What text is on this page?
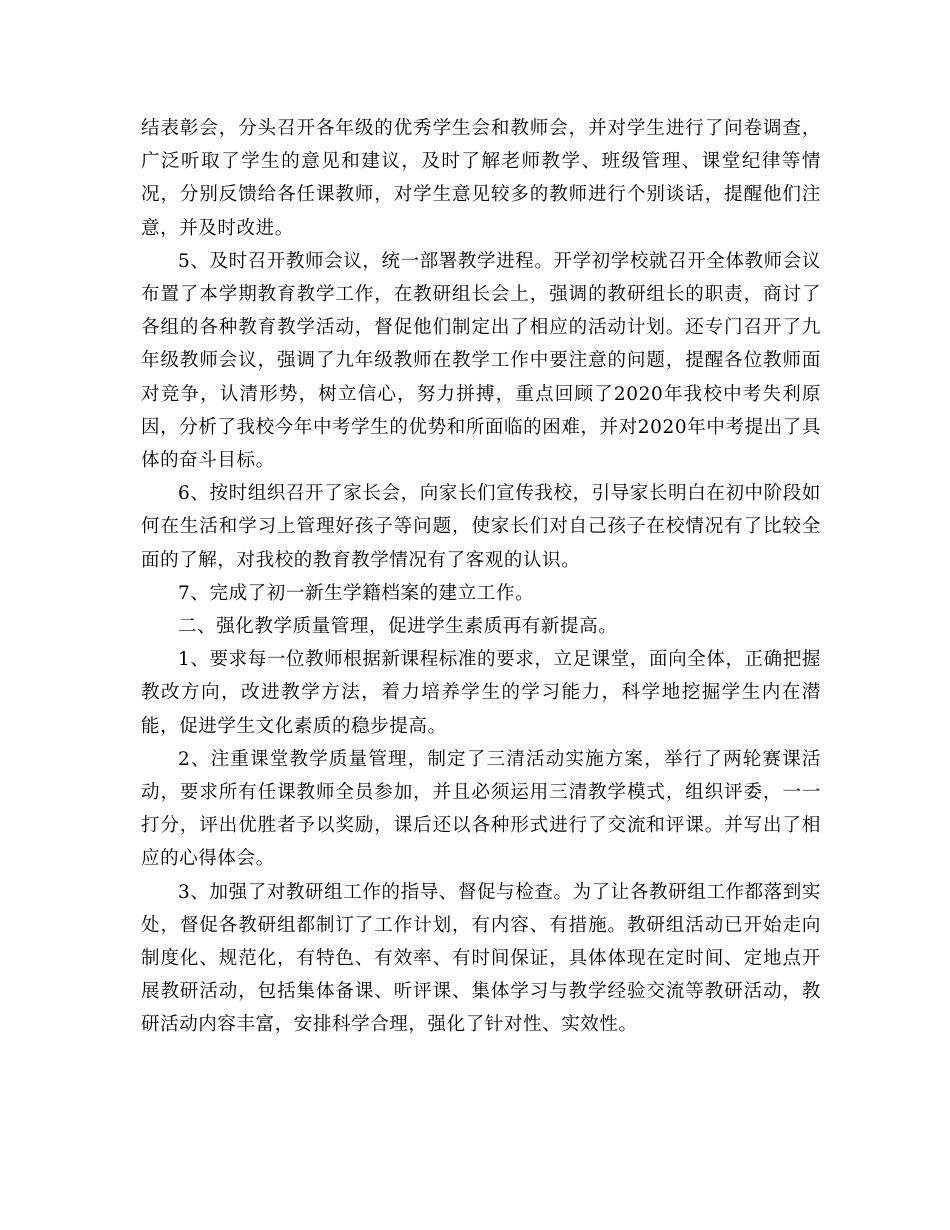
结表彰会，分头召开各年级的优秀学生会和教师会，并对学生进行了问卷调查，广泛听取了学生的意见和建议，及时了解老师教学、班级管理、课堂纪律等情况，分别反馈给各任课教师，对学生意见较多的教师进行个别谈话，提醒他们注意，并及时改进。

5、及时召开教师会议，统一部署教学进程。开学初学校就召开全体教师会议布置了本学期教育教学工作，在教研组长会上，强调的教研组长的职责，商讨了各组的各种教育教学活动，督促他们制定出了相应的活动计划。还专门召开了九年级教师会议，强调了九年级教师在教学工作中要注意的问题，提醒各位教师面对竞争，认清形势，树立信心，努力拼搏，重点回顾了2020年我校中考失利原因，分析了我校今年中考学生的优势和所面临的困难，并对2020年中考提出了具体的奋斗目标。

6、按时组织召开了家长会，向家长们宣传我校，引导家长明白在初中阶段如何在生活和学习上管理好孩子等问题，使家长们对自己孩子在校情况有了比较全面的了解，对我校的教育教学情况有了客观的认识。

7、完成了初一新生学籍档案的建立工作。

二、强化教学质量管理，促进学生素质再有新提高。

1、要求每一位教师根据新课程标准的要求，立足课堂，面向全体，正确把握教改方向，改进教学方法，着力培养学生的学习能力，科学地挖掘学生内在潜能，促进学生文化素质的稳步提高。

2、注重课堂教学质量管理，制定了三清活动实施方案，举行了两轮赛课活动，要求所有任课教师全员参加，并且必须运用三清教学模式，组织评委，一一打分，评出优胜者予以奖励，课后还以各种形式进行了交流和评课。并写出了相应的心得体会。

3、加强了对教研组工作的指导、督促与检查。为了让各教研组工作都落到实处，督促各教研组都制订了工作计划，有内容、有措施。教研组活动已开始走向制度化、规范化，有特色、有效率、有时间保证，具体体现在定时间、定地点开展教研活动，包括集体备课、听评课、集体学习与教学经验交流等教研活动，教研活动内容丰富，安排科学合理，强化了针对性、实效性。
